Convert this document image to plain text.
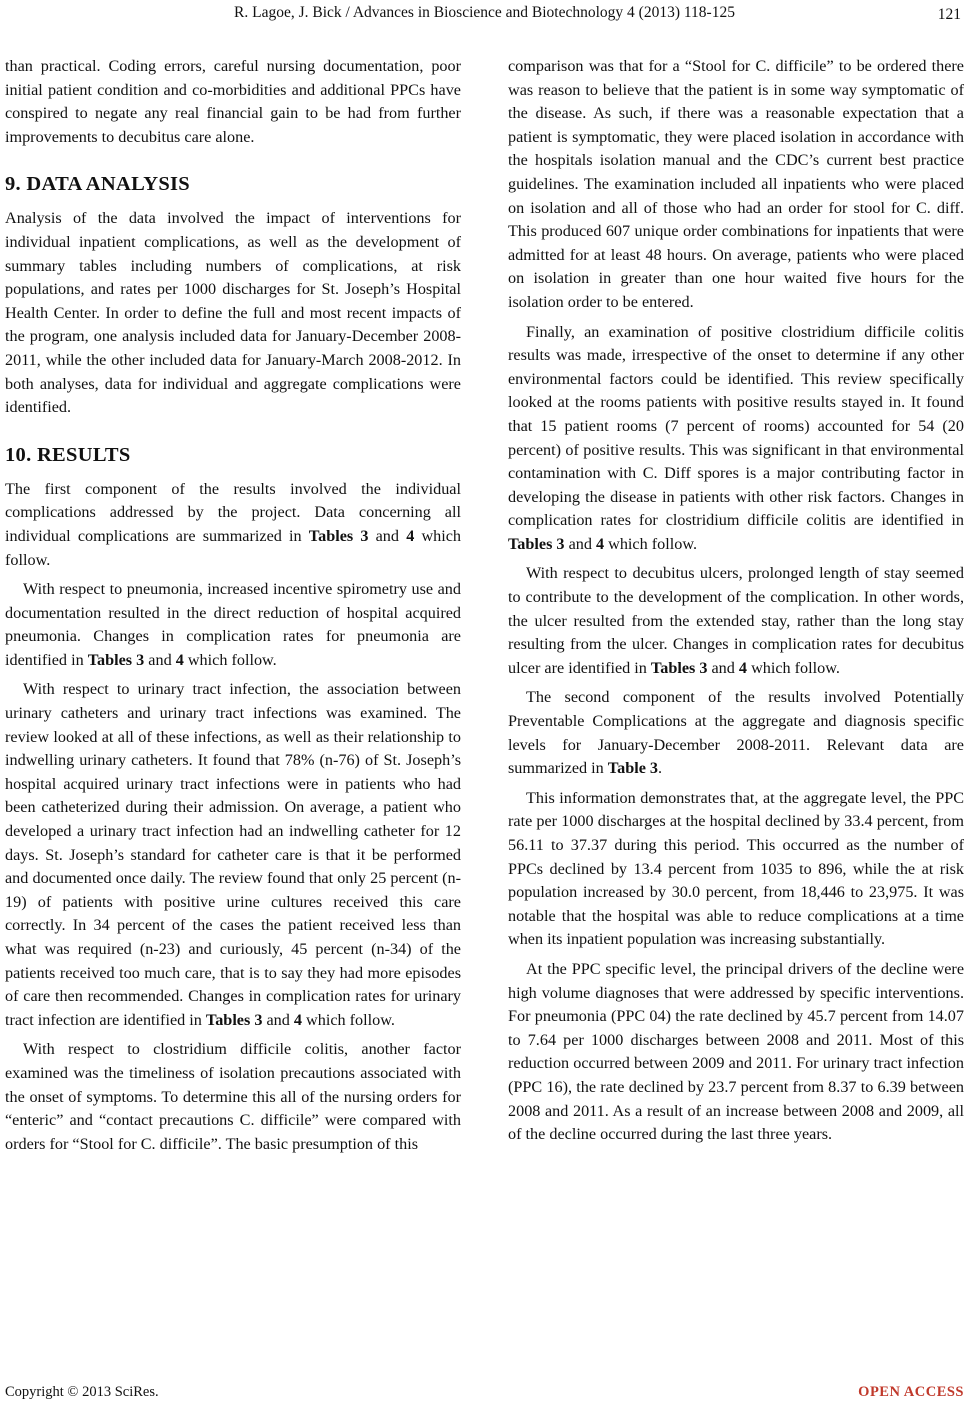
R. Lagoe, J. Bick / Advances in Bioscience and Biotechnology 4 (2013) 118-125	121

than practical. Coding errors, careful nursing documentation, poor initial patient condition and co-morbidities and additional PPCs have conspired to negate any real financial gain to be had from further improvements to decubitus care alone.

9. DATA ANALYSIS

Analysis of the data involved the impact of interventions for individual inpatient complications, as well as the development of summary tables including numbers of complications, at risk populations, and rates per 1000 discharges for St. Joseph’s Hospital Health Center. In order to define the full and most recent impacts of the program, one analysis included data for January-December 2008-2011, while the other included data for January-March 2008-2012. In both analyses, data for individual and aggregate complications were identified.

10. RESULTS

The first component of the results involved the individual complications addressed by the project. Data concerning all individual complications are summarized in Tables 3 and 4 which follow.

With respect to pneumonia, increased incentive spirometry use and documentation resulted in the direct reduction of hospital acquired pneumonia. Changes in complication rates for pneumonia are identified in Tables 3 and 4 which follow.

With respect to urinary tract infection, the association between urinary catheters and urinary tract infections was examined. The review looked at all of these infections, as well as their relationship to indwelling urinary catheters. It found that 78% (n-76) of St. Joseph’s hospital acquired urinary tract infections were in patients who had been catheterized during their admission. On average, a patient who developed a urinary tract infection had an indwelling catheter for 12 days. St. Joseph’s standard for catheter care is that it be performed and documented once daily. The review found that only 25 percent (n-19) of patients with positive urine cultures received this care correctly. In 34 percent of the cases the patient received less than what was required (n-23) and curiously, 45 percent (n-34) of the patients received too much care, that is to say they had more episodes of care then recommended. Changes in complication rates for urinary tract infection are identified in Tables 3 and 4 which follow.

With respect to clostridium difficile colitis, another factor examined was the timeliness of isolation precautions associated with the onset of symptoms. To determine this all of the nursing orders for “enteric” and “contact precautions C. difficile” were compared with orders for “Stool for C. difficile”. The basic presumption of this

comparison was that for a “Stool for C. difficile” to be ordered there was reason to believe that the patient is in some way symptomatic of the disease. As such, if there was a reasonable expectation that a patient is symptomatic, they were placed isolation in accordance with the hospitals isolation manual and the CDC’s current best practice guidelines. The examination included all inpatients who were placed on isolation and all of those who had an order for stool for C. diff. This produced 607 unique order combinations for inpatients that were admitted for at least 48 hours. On average, patients who were placed on isolation in greater than one hour waited five hours for the isolation order to be entered.

Finally, an examination of positive clostridium difficile colitis results was made, irrespective of the onset to determine if any other environmental factors could be identified. This review specifically looked at the rooms patients with positive results stayed in. It found that 15 patient rooms (7 percent of rooms) accounted for 54 (20 percent) of positive results. This was significant in that environmental contamination with C. Diff spores is a major contributing factor in developing the disease in patients with other risk factors. Changes in complication rates for clostridium difficile colitis are identified in Tables 3 and 4 which follow.

With respect to decubitus ulcers, prolonged length of stay seemed to contribute to the development of the complication. In other words, the ulcer resulted from the extended stay, rather than the long stay resulting from the ulcer. Changes in complication rates for decubitus ulcer are identified in Tables 3 and 4 which follow.

The second component of the results involved Potentially Preventable Complications at the aggregate and diagnosis specific levels for January-December 2008-2011. Relevant data are summarized in Table 3.

This information demonstrates that, at the aggregate level, the PPC rate per 1000 discharges at the hospital declined by 33.4 percent, from 56.11 to 37.37 during this period. This occurred as the number of PPCs declined by 13.4 percent from 1035 to 896, while the at risk population increased by 30.0 percent, from 18,446 to 23,975. It was notable that the hospital was able to reduce complications at a time when its inpatient population was increasing substantially.

At the PPC specific level, the principal drivers of the decline were high volume diagnoses that were addressed by specific interventions. For pneumonia (PPC 04) the rate declined by 45.7 percent from 14.07 to 7.64 per 1000 discharges between 2008 and 2011. Most of this reduction occurred between 2009 and 2011. For urinary tract infection (PPC 16), the rate declined by 23.7 percent from 8.37 to 6.39 between 2008 and 2011. As a result of an increase between 2008 and 2009, all of the decline occurred during the last three years.

Copyright © 2013 SciRes.	OPEN ACCESS
